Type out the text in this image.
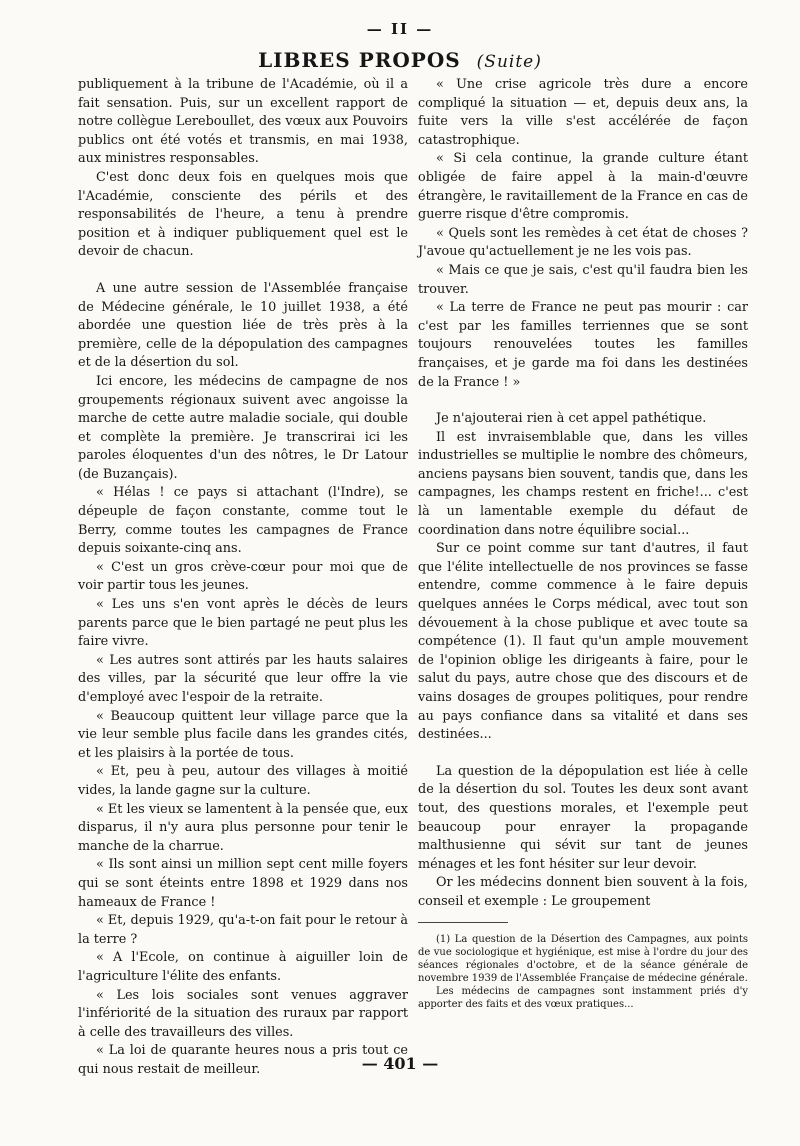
— II —
LIBRES PROPOS (Suite)

publiquement à la tribune de l'Académie, où il a fait sensation. Puis, sur un excellent rapport de notre collègue Lereboullet, des vœux aux Pouvoirs publics ont été votés et transmis, en mai 1938, aux ministres responsables.

C'est donc deux fois en quelques mois que l'Académie, consciente des périls et des responsabilités de l'heure, a tenu à prendre position et à indiquer publiquement quel est le devoir de chacun.

A une autre session de l'Assemblée française de Médecine générale, le 10 juillet 1938, a été abordée une question liée de très près à la première, celle de la dépopulation des campagnes et de la désertion du sol.

Ici encore, les médecins de campagne de nos groupements régionaux suivent avec angoisse la marche de cette autre maladie sociale, qui double et complète la première. Je transcrirai ici les paroles éloquentes d'un des nôtres, le Dr Latour (de Buzançais).

« Hélas ! ce pays si attachant (l'Indre), se dépeuple de façon constante, comme tout le Berry, comme toutes les campagnes de France depuis soixante-cinq ans.

« C'est un gros crève-cœur pour moi que de voir partir tous les jeunes.

« Les uns s'en vont après le décès de leurs parents parce que le bien partagé ne peut plus les faire vivre.

« Les autres sont attirés par les hauts salaires des villes, par la sécurité que leur offre la vie d'employé avec l'espoir de la retraite.

« Beaucoup quittent leur village parce que la vie leur semble plus facile dans les grandes cités, et les plaisirs à la portée de tous.

« Et, peu à peu, autour des villages à moitié vides, la lande gagne sur la culture.

« Et les vieux se lamentent à la pensée que, eux disparus, il n'y aura plus personne pour tenir le manche de la charrue.

« Ils sont ainsi un million sept cent mille foyers qui se sont éteints entre 1898 et 1929 dans nos hameaux de France !

« Et, depuis 1929, qu'a-t-on fait pour le retour à la terre ?

« A l'Ecole, on continue à aiguiller loin de l'agriculture l'élite des enfants.

« Les lois sociales sont venues aggraver l'infériorité de la situation des ruraux par rapport à celle des travailleurs des villes.

« La loi de quarante heures nous a pris tout ce qui nous restait de meilleur.

« Une crise agricole très dure a encore compliqué la situation — et, depuis deux ans, la fuite vers la ville s'est accélérée de façon catastrophique.

« Si cela continue, la grande culture étant obligée de faire appel à la main-d'œuvre étrangère, le ravitaillement de la France en cas de guerre risque d'être compromis.

« Quels sont les remèdes à cet état de choses ? J'avoue qu'actuellement je ne les vois pas.

« Mais ce que je sais, c'est qu'il faudra bien les trouver.

« La terre de France ne peut pas mourir : car c'est par les familles terriennes que se sont toujours renouvelées toutes les familles françaises, et je garde ma foi dans les destinées de la France ! »

Je n'ajouterai rien à cet appel pathétique.

Il est invraisemblable que, dans les villes industrielles se multiplie le nombre des chômeurs, anciens paysans bien souvent, tandis que, dans les campagnes, les champs restent en friche!... c'est là un lamentable exemple du défaut de coordination dans notre équilibre social...

Sur ce point comme sur tant d'autres, il faut que l'élite intellectuelle de nos provinces se fasse entendre, comme commence à le faire depuis quelques années le Corps médical, avec tout son dévouement à la chose publique et avec toute sa compétence (1). Il faut qu'un ample mouvement de l'opinion oblige les dirigeants à faire, pour le salut du pays, autre chose que des discours et de vains dosages de groupes politiques, pour rendre au pays confiance dans sa vitalité et dans ses destinées...

La question de la dépopulation est liée à celle de la désertion du sol. Toutes les deux sont avant tout, des questions morales, et l'exemple peut beaucoup pour enrayer la propagande malthusienne qui sévit sur tant de jeunes ménages et les font hésiter sur leur devoir.

Or les médecins donnent bien souvent à la fois, conseil et exemple : Le groupement

(1) La question de la Désertion des Campagnes, aux points de vue sociologique et hygiénique, est mise à l'ordre du jour des séances régionales d'octobre, et de la séance générale de novembre 1939 de l'Assemblée Française de médecine générale.

Les médecins de campagnes sont instamment priés d'y apporter des faits et des vœux pratiques...

— 401 —
